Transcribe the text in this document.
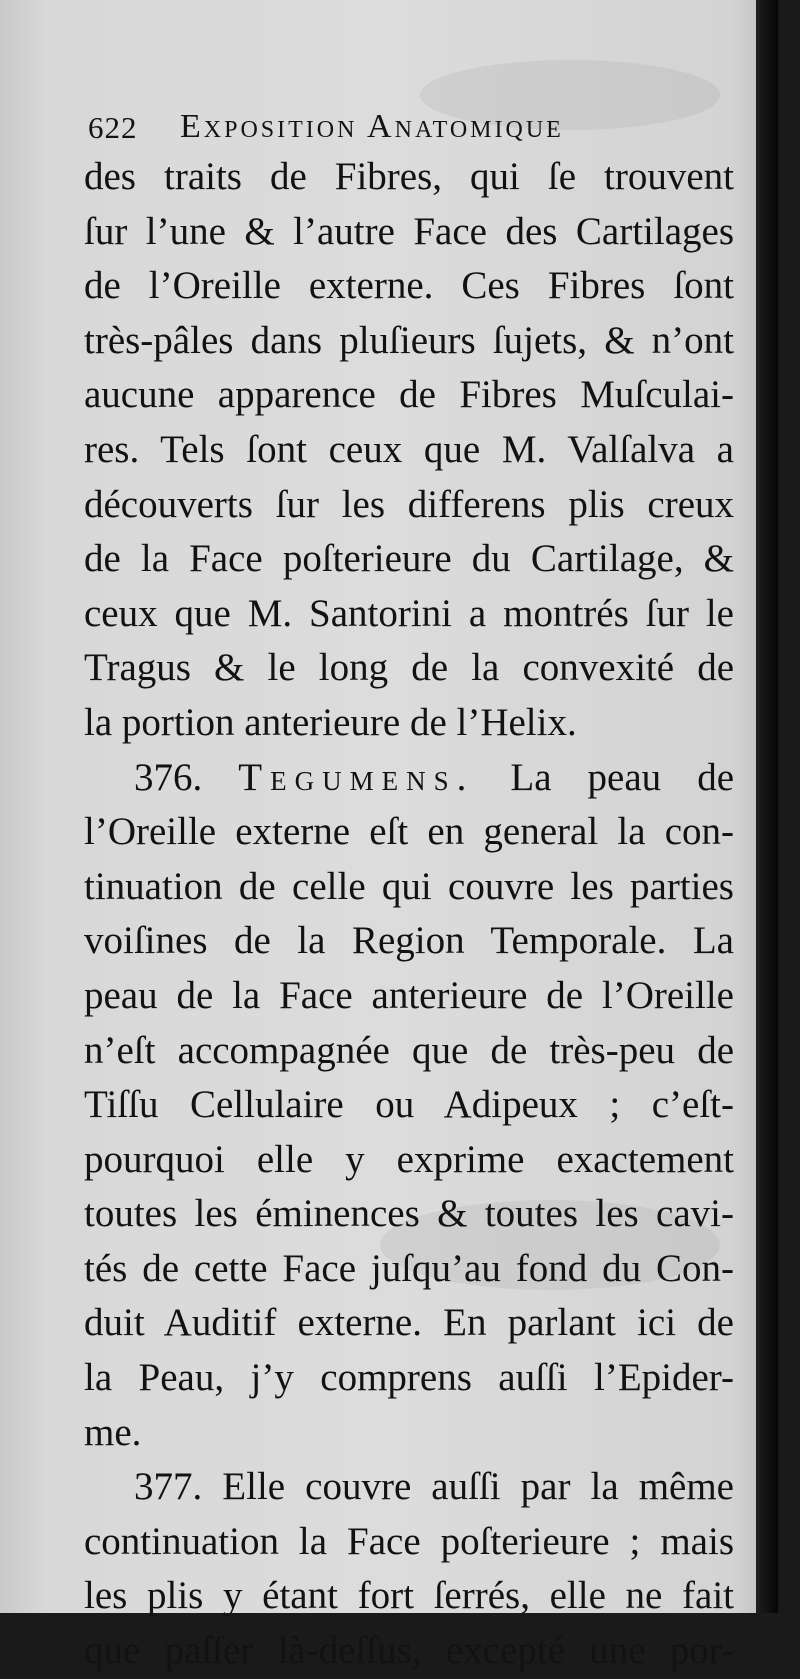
622 Exposition Anatomique
des traits de Fibres, qui ſe trouvent
ſur l’une & l’autre Face des Cartilages
de l’Oreille externe. Ces Fibres ſont
très-pâles dans pluſieurs ſujets, & n’ont
aucune apparence de Fibres Muſculai-
res. Tels ſont ceux que M. Valſalva a
découverts ſur les differens plis creux
de la Face poſterieure du Cartilage, &
ceux que M. Santorini a montrés ſur le
Tragus & le long de la convexité de
la portion anterieure de l’Helix.
376. Tegumens. La peau de
l’Oreille externe eſt en general la con-
tinuation de celle qui couvre les parties
voiſines de la Region Temporale. La
peau de la Face anterieure de l’Oreille
n’eſt accompagnée que de très-peu de
Tiſſu Cellulaire ou Adipeux ; c’eſt-
pourquoi elle y exprime exactement
toutes les éminences & toutes les cavi-
tés de cette Face juſqu’au fond du Con-
duit Auditif externe. En parlant ici de
la Peau, j’y comprens auſſi l’Epider-
me.
377. Elle couvre auſſi par la même
continuation la Face poſterieure ; mais
les plis y étant fort ſerrés, elle ne fait
que paſſer là-deſſus, excepté une por-
